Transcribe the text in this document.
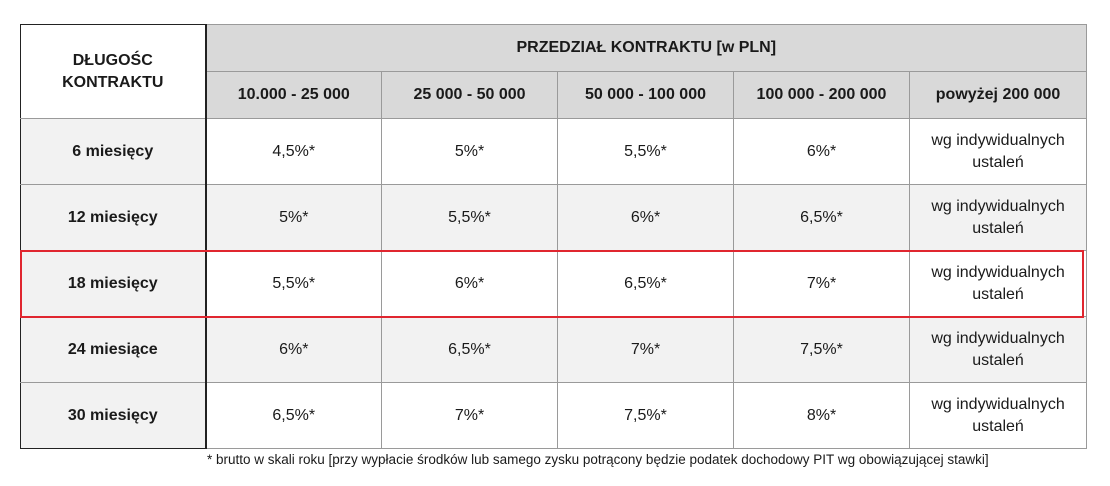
DŁUGOŚC
KONTRAKTU	PRZEDZIAŁ KONTRAKTU [w PLN]				
	10.000 - 25 000	25 000 - 50 000	50 000 - 100 000	100 000 - 200 000	powyżej 200 000
6 miesięcy	4,5%*	5%*	5,5%*	6%*	wg indywidualnych
ustaleń
12 miesięcy	5%*	5,5%*	6%*	6,5%*	wg indywidualnych
ustaleń
18 miesięcy	5,5%*	6%*	6,5%*	7%*	wg indywidualnych
ustaleń
24 miesiące	6%*	6,5%*	7%*	7,5%*	wg indywidualnych
ustaleń
30 miesięcy	6,5%*	7%*	7,5%*	8%*	wg indywidualnych
ustaleń
* brutto w skali roku [przy wypłacie środków lub samego zysku potrącony będzie podatek dochodowy PIT wg obowiązującej stawki]
